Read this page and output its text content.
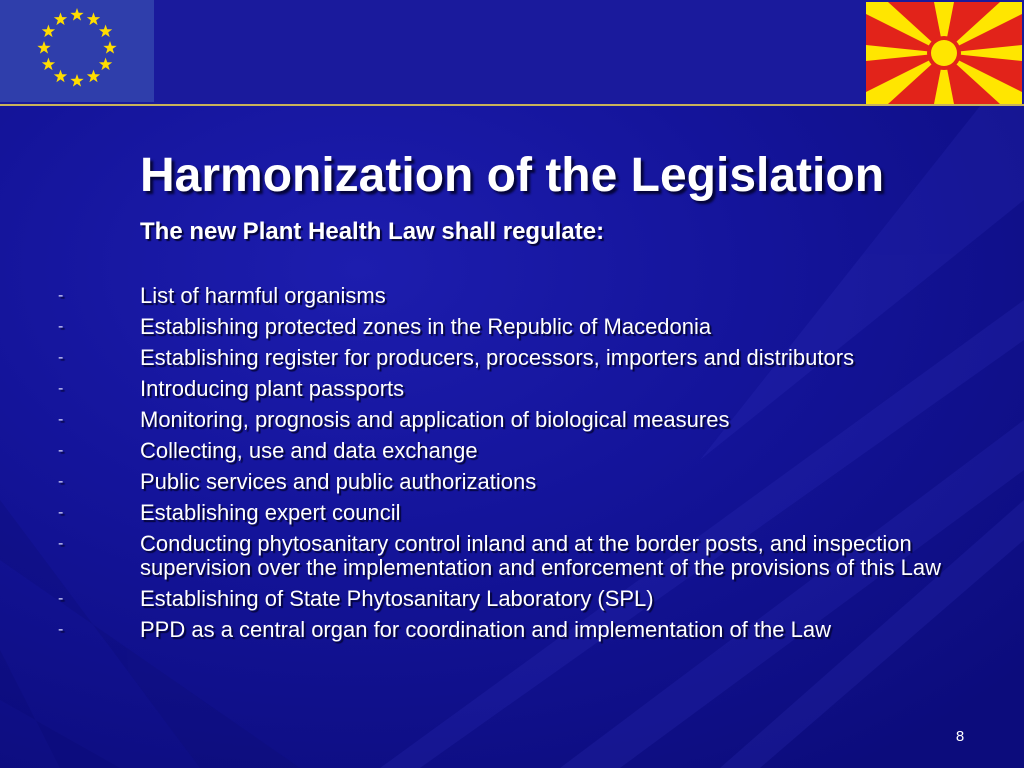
Harmonization of the Legislation
The new Plant Health Law shall regulate:
-	List of harmful organisms
-	Establishing protected zones in the Republic of Macedonia
-	Establishing register for producers, processors, importers and distributors
-	Introducing plant passports
-	Monitoring, prognosis and application of biological measures
-	Collecting, use and data exchange
-	Public services and public authorizations
-	Establishing expert council
-	Conducting phytosanitary control inland and at the border posts, and inspection supervision over the implementation and enforcement of the provisions of this Law
-	Establishing of State Phytosanitary Laboratory (SPL)
-	PPD as a central organ for coordination and implementation of the Law
8
